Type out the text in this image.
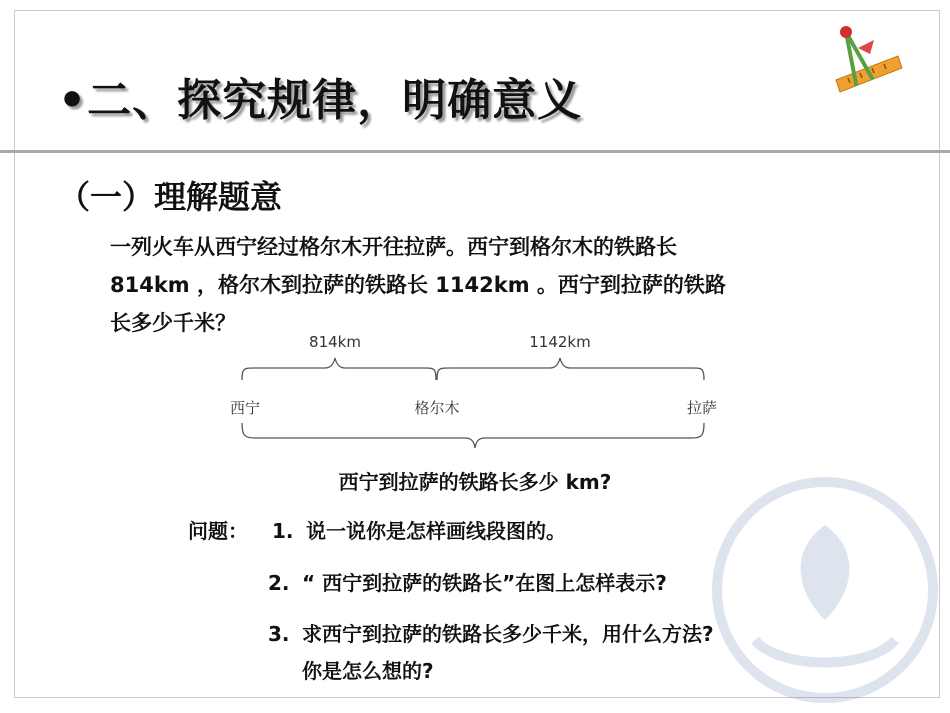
•二、探究规律，明确意义
（一）理解题意
一列火车从西宁经过格尔木开往拉萨。西宁到格尔木的铁路长
814km ，格尔木到拉萨的铁路长 1142km 。西宁到拉萨的铁路
长多少千米？
814km	1142km
西宁	格尔木	拉萨
西宁到拉萨的铁路长多少 km?
问题： 1. 说一说你是怎样画线段图的。
2. “ 西宁到拉萨的铁路长”在图上怎样表示?
3. 求西宁到拉萨的铁路长多少千米，用什么方法?
你是怎么想的?
